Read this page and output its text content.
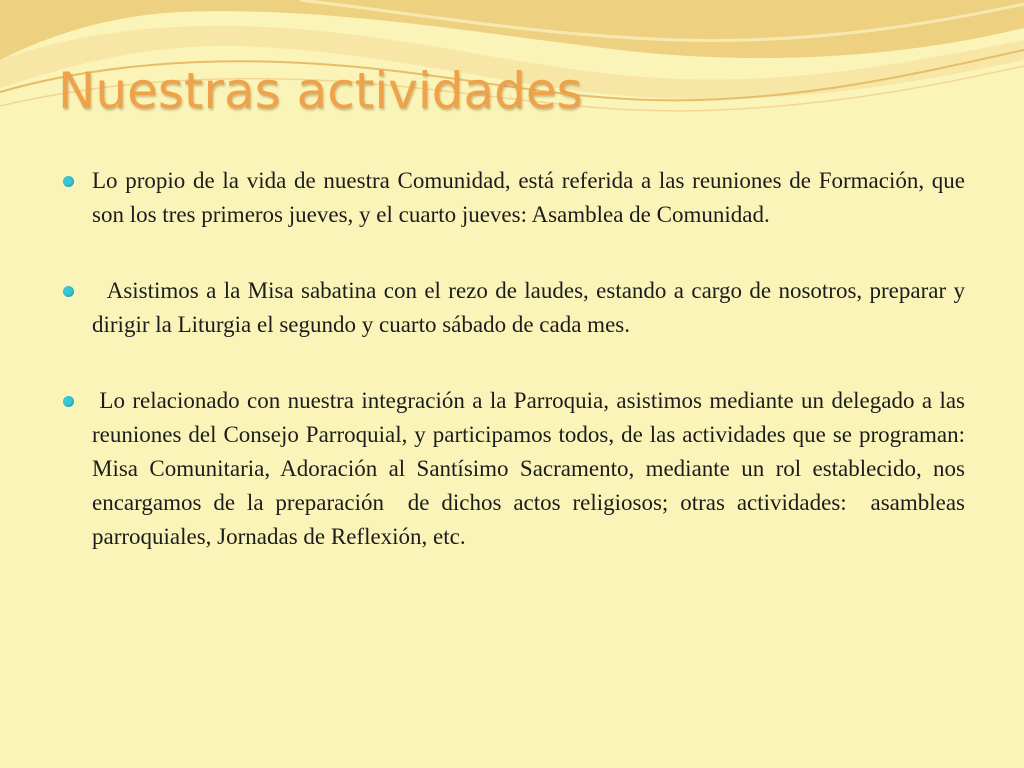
Nuestras actividades
Lo propio de la vida de nuestra Comunidad, está referida a las reuniones de Formación, que son los tres primeros jueves, y el cuarto jueves: Asamblea de Comunidad.
Asistimos a la Misa sabatina con el rezo de laudes, estando a cargo de nosotros, preparar y dirigir la Liturgia el segundo y cuarto sábado de cada mes.
Lo relacionado con nuestra integración a la Parroquia, asistimos mediante un delegado a las reuniones del Consejo Parroquial, y participamos todos, de las actividades que se programan: Misa Comunitaria, Adoración al Santísimo Sacramento, mediante un rol establecido, nos encargamos de la preparación  de dichos actos religiosos; otras actividades:  asambleas parroquiales, Jornadas de Reflexión, etc.
